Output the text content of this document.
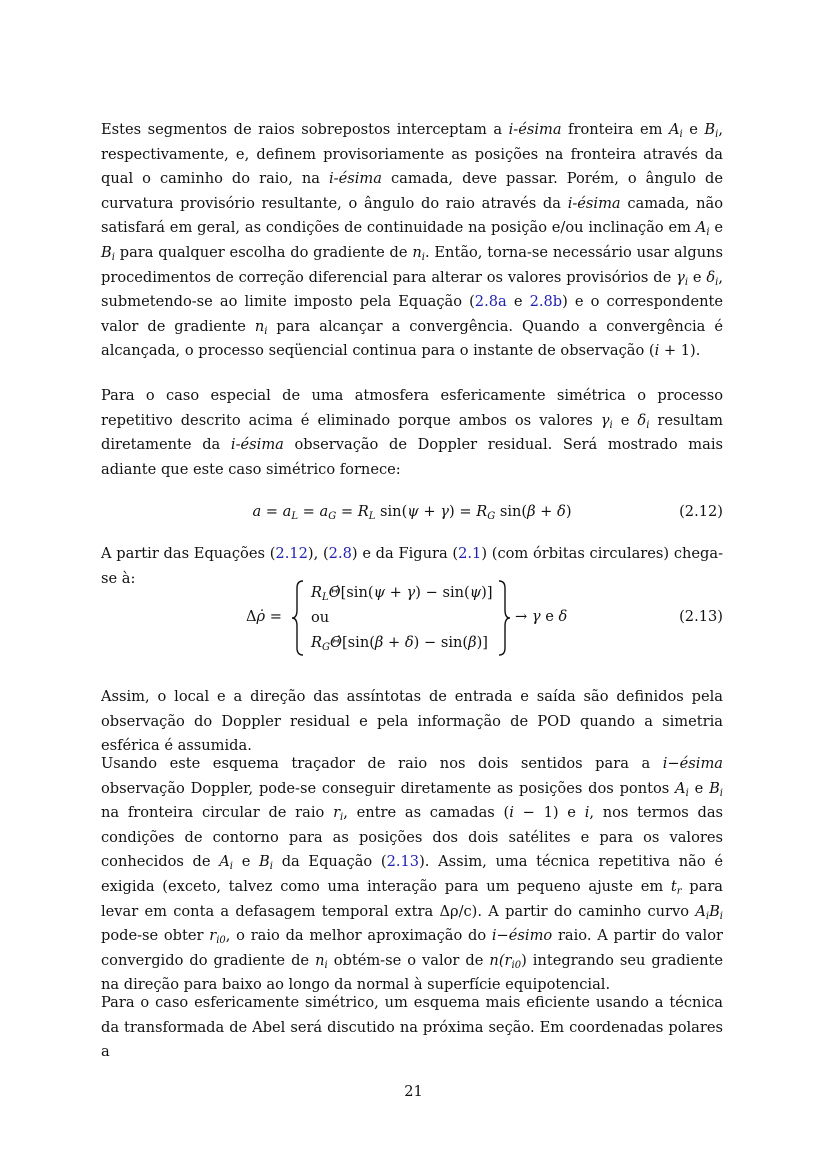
Estes segmentos de raios sobrepostos interceptam a i-ésima fronteira em $A_i$ e $B_i$, respectivamente, e, definem provisoriamente as posições na fronteira através da qual o caminho do raio, na i-ésima camada, deve passar. Porém, o ângulo de curvatura provisório resultante, o ângulo do raio através da i-ésima camada, não satisfará em geral, as condições de continuidade na posição e/ou inclinação em $A_i$ e $B_i$ para qualquer escolha do gradiente de $n_i$. Então, torna-se necessário usar alguns procedimentos de correção diferencial para alterar os valores provisórios de $\gamma_i$ e $\delta_i$, submetendo-se ao limite imposto pela Equação (2.8a e 2.8b) e o correspondente valor de gradiente $n_i$ para alcançar a convergência. Quando a convergência é alcançada, o processo seqüencial continua para o instante de observação (i + 1).

Para o caso especial de uma atmosfera esfericamente simétrica o processo repetitivo descrito acima é eliminado porque ambos os valores $\gamma_i$ e $\delta_i$ resultam diretamente da i-ésima observação de Doppler residual. Será mostrado mais adiante que este caso simétrico fornece:

$a = a_L = a_G = R_L$ $\sin(\psi + \gamma) = R_G$ sin(β + δ)	(2.12)

A partir das Equações (2.12), (2.8) e da Figura (2.1) (com órbitas circulares) chega-se à:

Δρ̇ =
$R_L\Thetȧ[\sin(\psi + \gamma) - \sin(\psi)]$
ou
$R_G\Thetȧ[\sin(\beta + \delta) - \sin(\beta)]$
→ γ e δ	(2.13)

Assim, o local e a direção das assíntotas de entrada e saída são definidos pela observação do Doppler residual e pela informação de POD quando a simetria esférica é assumida.

Usando este esquema traçador de raio nos dois sentidos para a i−ésima observação Doppler, pode-se conseguir diretamente as posições dos pontos $A_i$ e $B_i$ na fronteira circular de raio $r_i$, entre as camadas (i − 1) e i, nos termos das condições de contorno para as posições dos dois satélites e para os valores conhecidos de $A_i$ e $B_i$ da Equação (2.13). Assim, uma técnica repetitiva não é exigida (exceto, talvez como uma interação para um pequeno ajuste em $t_r$ para levar em conta a defasagem temporal extra Δρ/c). A partir do caminho curvo $A_iB_i$ pode-se obter $r_{i0}$, o raio da melhor aproximação do i−ésimo raio. A partir do valor convergido do gradiente de $n_i$ obtém-se o valor de $n(r_{i0})$ integrando seu gradiente na direção para baixo ao longo da normal à superfície equipotencial.

Para o caso esfericamente simétrico, um esquema mais eficiente usando a técnica da transformada de Abel será discutido na próxima seção. Em coordenadas polares a

21
